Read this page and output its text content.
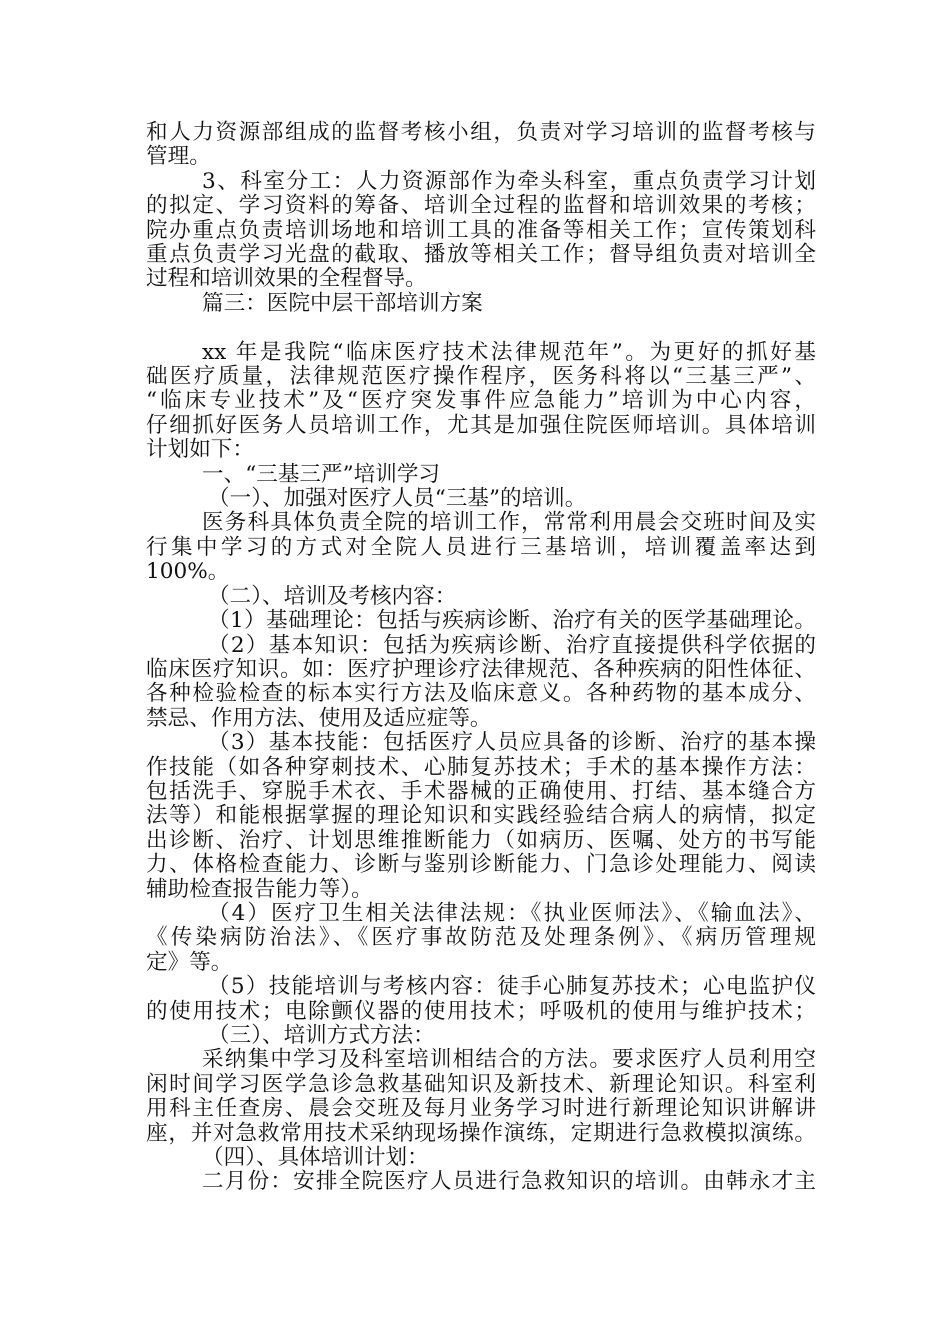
和人力资源部组成的监督考核小组，负责对学习培训的监督考核与
管理。
3、科室分工：人力资源部作为牵头科室，重点负责学习计划
的拟定、学习资料的筹备、培训全过程的监督和培训效果的考核；
院办重点负责培训场地和培训工具的准备等相关工作；宣传策划科
重点负责学习光盘的截取、播放等相关工作；督导组负责对培训全
过程和培训效果的全程督导。
篇三：医院中层干部培训方案
xx 年是我院“临床医疗技术法律规范年”。为更好的抓好基
础医疗质量，法律规范医疗操作程序，医务科将以“三基三严”、
“临床专业技术”及“医疗突发事件应急能力”培训为中心内容，
仔细抓好医务人员培训工作，尤其是加强住院医师培训。具体培训
计划如下：
一、“三基三严”培训学习
（一）、加强对医疗人员“三基”的培训。
医务科具体负责全院的培训工作，常常利用晨会交班时间及实
行集中学习的方式对全院人员进行三基培训，培训覆盖率达到
100%。
（二）、培训及考核内容：
（1）基础理论：包括与疾病诊断、治疗有关的医学基础理论。
（2）基本知识：包括为疾病诊断、治疗直接提供科学依据的
临床医疗知识。如：医疗护理诊疗法律规范、各种疾病的阳性体征、
各种检验检查的标本实行方法及临床意义。各种药物的基本成分、
禁忌、作用方法、使用及适应症等。
（3）基本技能：包括医疗人员应具备的诊断、治疗的基本操
作技能（如各种穿刺技术、心肺复苏技术；手术的基本操作方法：
包括洗手、穿脱手术衣、手术器械的正确使用、打结、基本缝合方
法等）和能根据掌握的理论知识和实践经验结合病人的病情，拟定
出诊断、治疗、计划思维推断能力（如病历、医嘱、处方的书写能
力、体格检查能力、诊断与鉴别诊断能力、门急诊处理能力、阅读
辅助检查报告能力等）。
（4）医疗卫生相关法律法规：《执业医师法》、《输血法》、
《传染病防治法》、《医疗事故防范及处理条例》、《病历管理规
定》等。
（5）技能培训与考核内容：徒手心肺复苏技术；心电监护仪
的使用技术；电除颤仪器的使用技术；呼吸机的使用与维护技术；
（三）、培训方式方法：
采纳集中学习及科室培训相结合的方法。要求医疗人员利用空
闲时间学习医学急诊急救基础知识及新技术、新理论知识。科室利
用科主任查房、晨会交班及每月业务学习时进行新理论知识讲解讲
座，并对急救常用技术采纳现场操作演练，定期进行急救模拟演练。
（四）、具体培训计划：
二月份：安排全院医疗人员进行急救知识的培训。由韩永才主
